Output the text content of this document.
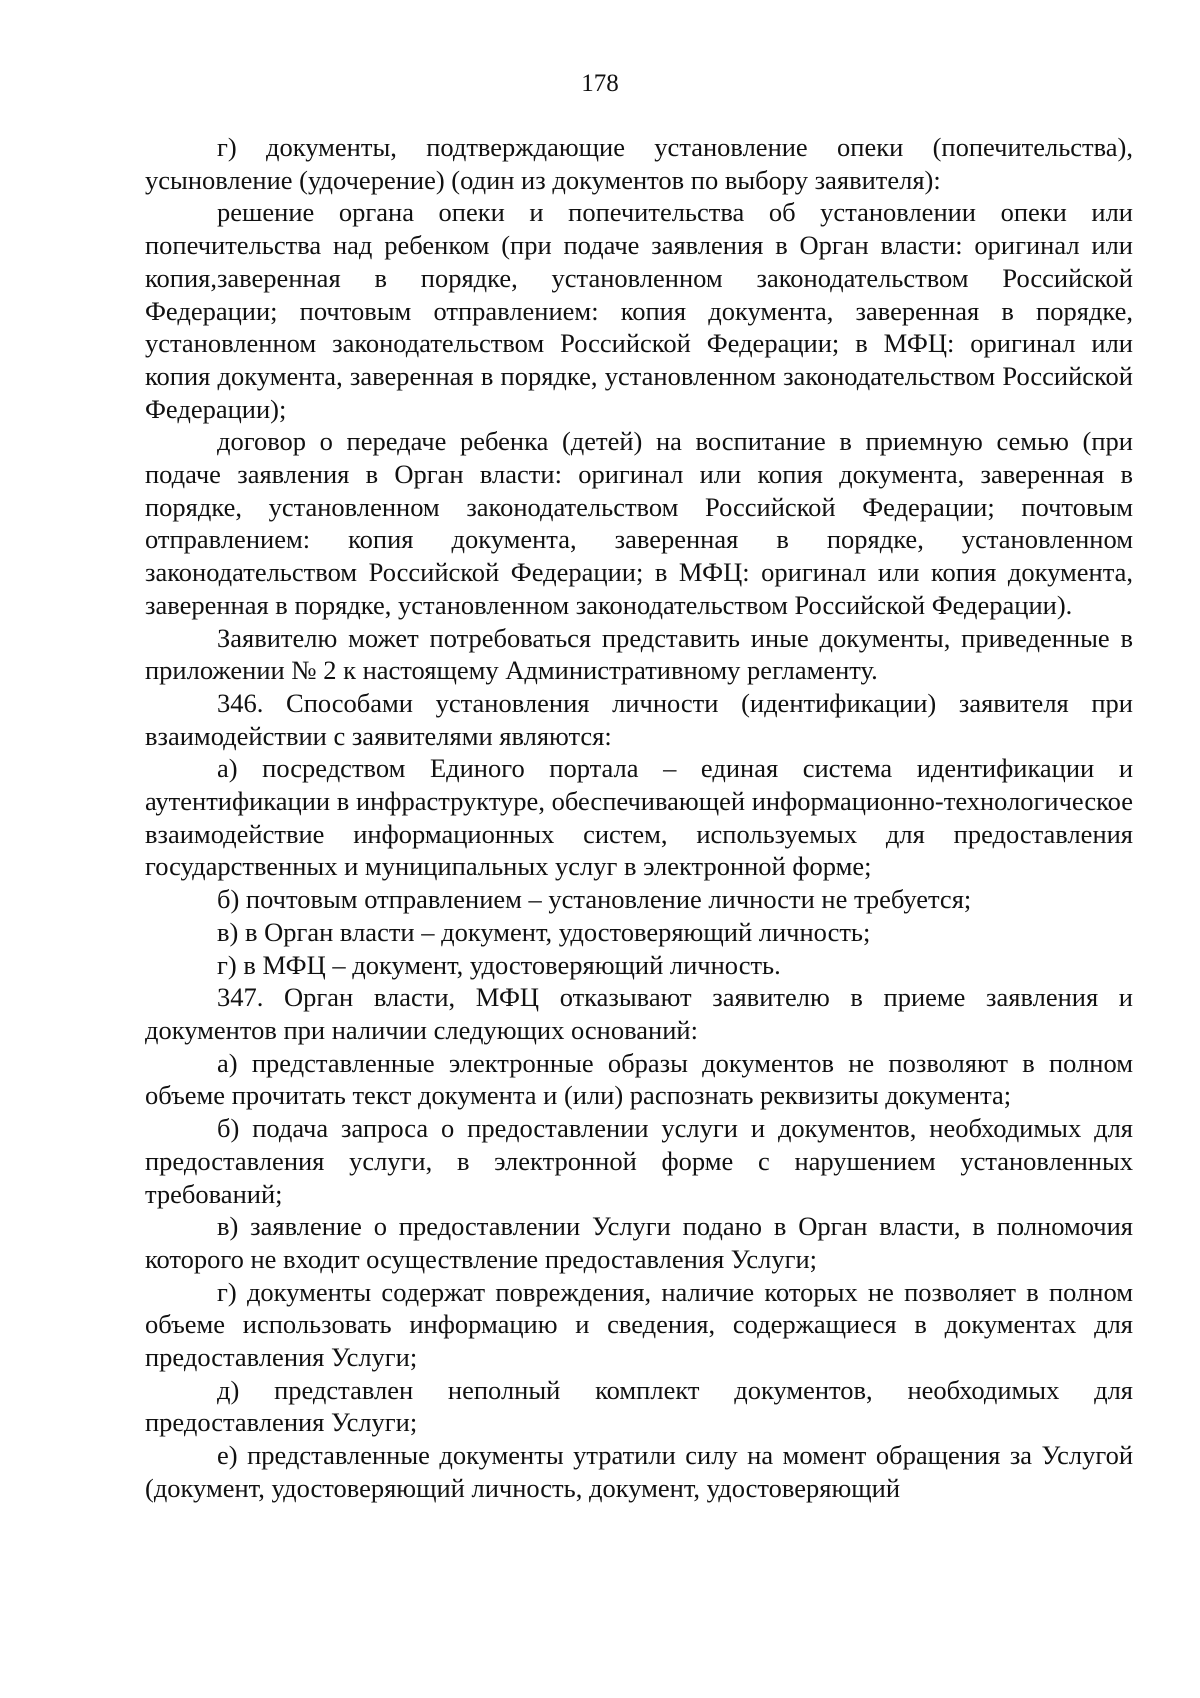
178

г) документы, подтверждающие установление опеки (попечительства), усыновление (удочерение) (один из документов по выбору заявителя):

решение органа опеки и попечительства об установлении опеки или попечительства над ребенком (при подаче заявления в Орган власти: оригинал или копия,заверенная в порядке, установленном законодательством Российской Федерации; почтовым отправлением: копия документа, заверенная в порядке, установленном законодательством Российской Федерации; в МФЦ: оригинал или копия документа, заверенная в порядке, установленном законодательством Российской Федерации);

договор о передаче ребенка (детей) на воспитание в приемную семью (при подаче заявления в Орган власти: оригинал или копия документа, заверенная в порядке, установленном законодательством Российской Федерации; почтовым отправлением: копия документа, заверенная в порядке, установленном законодательством Российской Федерации; в МФЦ: оригинал или копия документа, заверенная в порядке, установленном законодательством Российской Федерации).

Заявителю может потребоваться представить иные документы, приведенные в приложении № 2 к настоящему Административному регламенту.

346. Способами установления личности (идентификации) заявителя при взаимодействии с заявителями являются:

а) посредством Единого портала – единая система идентификации и аутентификации в инфраструктуре, обеспечивающей информационно-технологическое взаимодействие информационных систем, используемых для предоставления государственных и муниципальных услуг в электронной форме;

б) почтовым отправлением – установление личности не требуется;

в) в Орган власти – документ, удостоверяющий личность;

г) в МФЦ – документ, удостоверяющий личность.

347. Орган власти, МФЦ отказывают заявителю в приеме заявления и документов при наличии следующих оснований:

а) представленные электронные образы документов не позволяют в полном объеме прочитать текст документа и (или) распознать реквизиты документа;

б) подача запроса о предоставлении услуги и документов, необходимых для предоставления услуги, в электронной форме с нарушением установленных требований;

в) заявление о предоставлении Услуги подано в Орган власти, в полномочия которого не входит осуществление предоставления Услуги;

г) документы содержат повреждения, наличие которых не позволяет в полном объеме использовать информацию и сведения, содержащиеся в документах для предоставления Услуги;

д) представлен неполный комплект документов, необходимых для предоставления Услуги;

е) представленные документы утратили силу на момент обращения за Услугой (документ, удостоверяющий личность, документ, удостоверяющий
